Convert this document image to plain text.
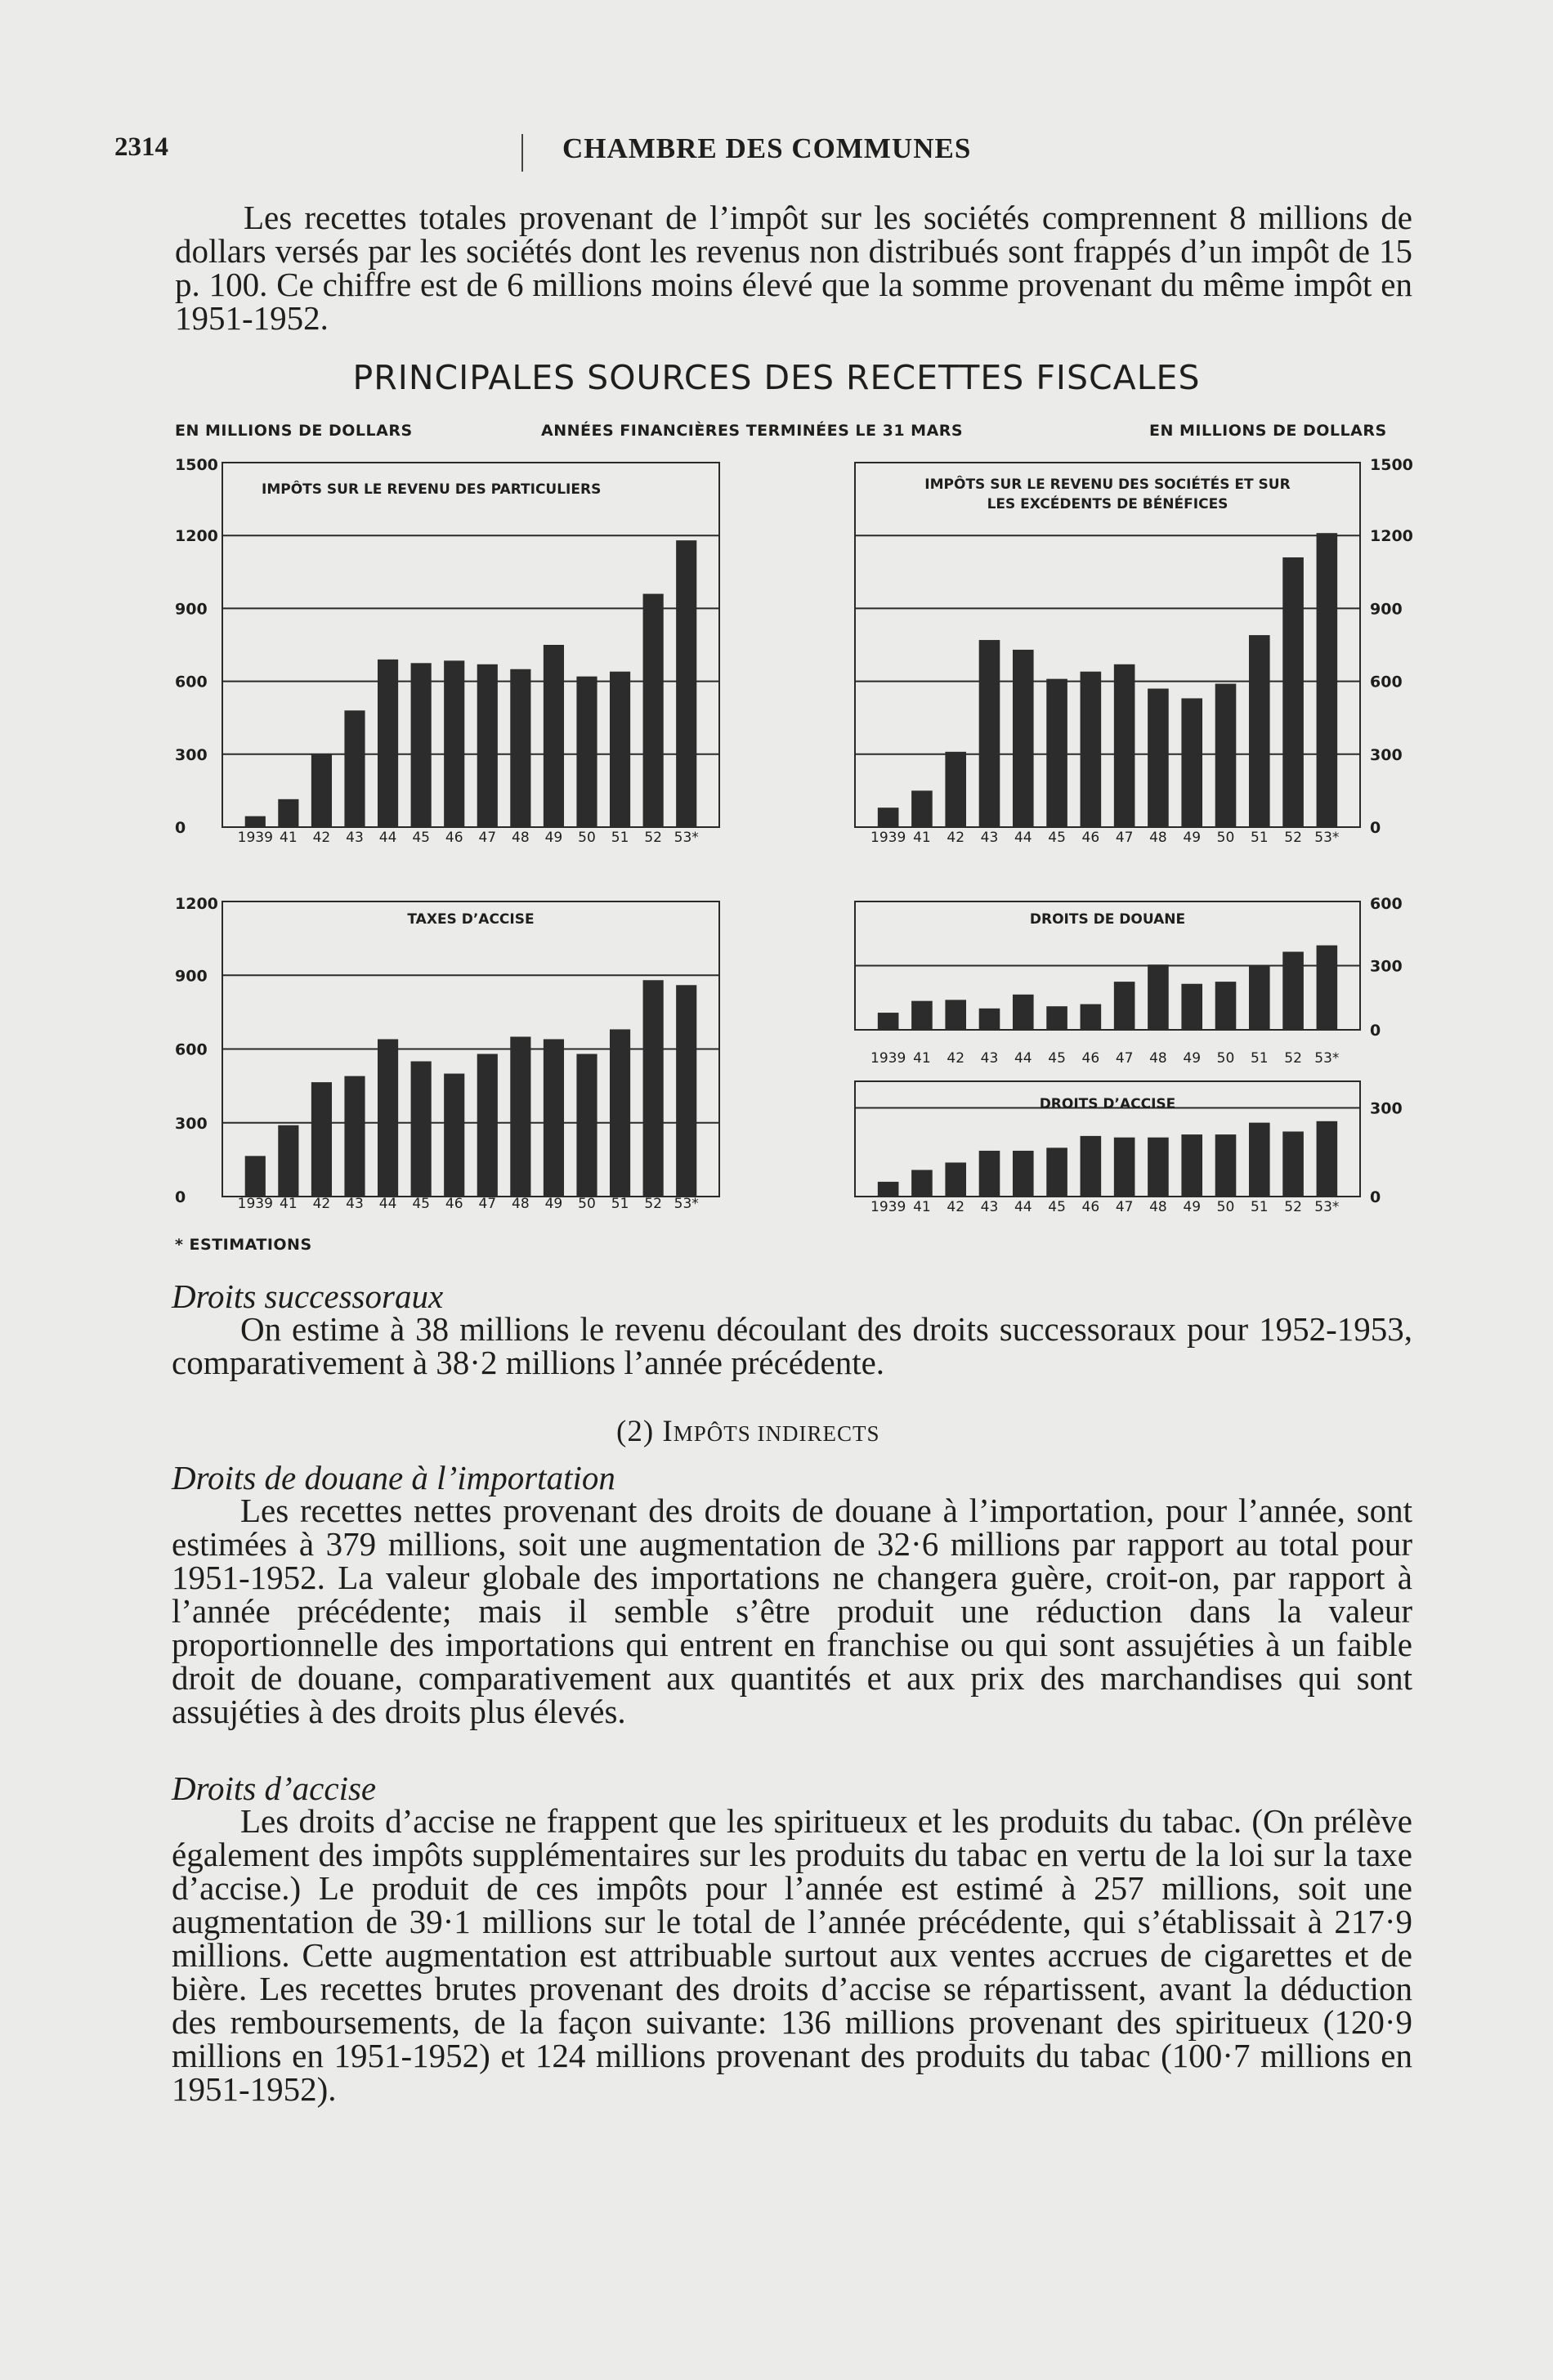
2314	CHAMBRE DES COMMUNES

Les recettes totales provenant de l’impôt sur les sociétés comprennent 8 millions de dollars versés par les sociétés dont les revenus non distribués sont frappés d’un impôt de 15 p. 100. Ce chiffre est de 6 millions moins élevé que la somme provenant du même impôt en 1951-1952.

PRINCIPALES SOURCES DES RECETTES FISCALES
EN MILLIONS DE DOLLARS	ANNÉES FINANCIÈRES TERMINÉES LE 31 MARS	EN MILLIONS DE DOLLARS
0
300
600
900
1200
1500
1939 41 42 43 44 45 46 47 48 49 50 51 52 53*
IMPÔTS SUR LE REVENU DES PARTICULIERS
0
300
600
900
1200
1500
1939 41 42 43 44 45 46 47 48 49 50 51 52 53*
IMPÔTS SUR LE REVENU DES SOCIÉTÉS ET SUR
LES EXCÉDENTS DE BÉNÉFICES
0
300
600
900
1200
1939 41 42 43 44 45 46 47 48 49 50 51 52 53*
TAXES D’ACCISE
0
300
600
1939 41 42 43 44 45 46 47 48 49 50 51 52 53*
DROITS DE DOUANE
0
300
1939 41 42 43 44 45 46 47 48 49 50 51 52 53*
DROITS D’ACCISE
* ESTIMATIONS
Droits successoraux

On estime à 38 millions le revenu découlant des droits successoraux pour 1952-1953, comparativement à 38·2 millions l’année précédente.

(2) IMPÔTS INDIRECTS
Droits de douane à l’importation

Les recettes nettes provenant des droits de douane à l’importation, pour l’année, sont estimées à 379 millions, soit une augmentation de 32·6 millions par rapport au total pour 1951-1952. La valeur globale des importations ne changera guère, croit-on, par rapport à l’année précédente; mais il semble s’être produit une réduction dans la valeur proportionnelle des importations qui entrent en franchise ou qui sont assujéties à un faible droit de douane, comparativement aux quantités et aux prix des marchandises qui sont assujéties à des droits plus élevés.

Droits d’accise

Les droits d’accise ne frappent que les spiritueux et les produits du tabac. (On prélève également des impôts supplémentaires sur les produits du tabac en vertu de la loi sur la taxe d’accise.) Le produit de ces impôts pour l’année est estimé à 257 millions, soit une augmentation de 39·1 millions sur le total de l’année précédente, qui s’établissait à 217·9 millions. Cette augmentation est attribuable surtout aux ventes accrues de cigarettes et de bière. Les recettes brutes provenant des droits d’accise se répartissent, avant la déduction des remboursements, de la façon suivante: 136 millions provenant des spiritueux (120·9 millions en 1951-1952) et 124 millions provenant des produits du tabac (100·7 millions en 1951-1952).
